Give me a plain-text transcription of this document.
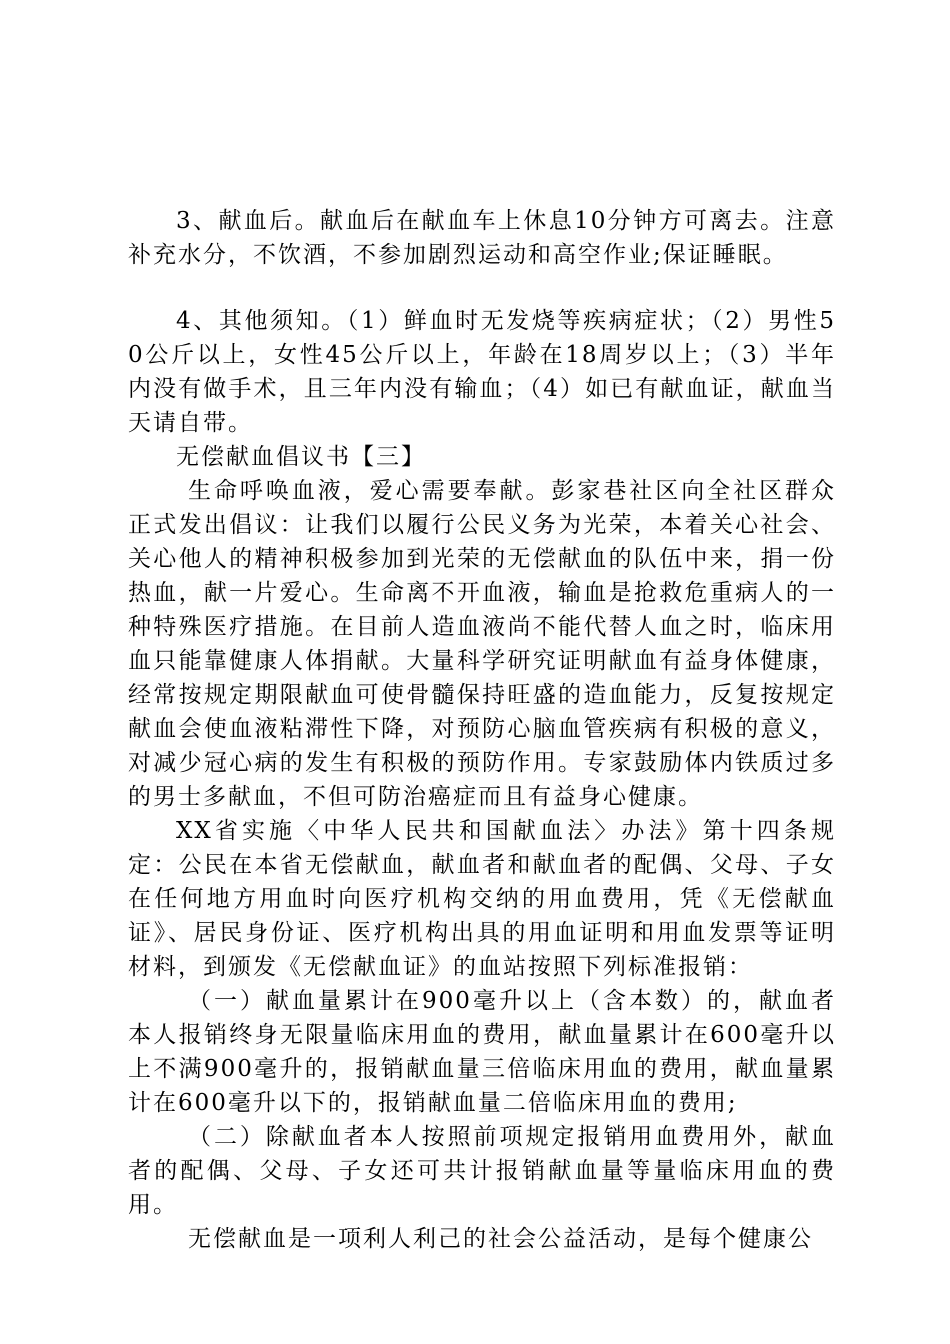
3、献血后。献血后在献血车上休息10分钟方可离去。注意补充水分，不饮酒，不参加剧烈运动和高空作业;保证睡眠。

4、其他须知。（1）鲜血时无发烧等疾病症状；（2）男性50公斤以上，女性45公斤以上，年龄在18周岁以上；（3）半年内没有做手术，且三年内没有输血；（4）如已有献血证，献血当天请自带。

无偿献血倡议书【三】

生命呼唤血液，爱心需要奉献。彭家巷社区向全社区群众正式发出倡议：让我们以履行公民义务为光荣，本着关心社会、关心他人的精神积极参加到光荣的无偿献血的队伍中来，捐一份热血，献一片爱心。生命离不开血液，输血是抢救危重病人的一种特殊医疗措施。在目前人造血液尚不能代替人血之时，临床用血只能靠健康人体捐献。大量科学研究证明献血有益身体健康，经常按规定期限献血可使骨髓保持旺盛的造血能力，反复按规定献血会使血液粘滞性下降，对预防心脑血管疾病有积极的意义，对减少冠心病的发生有积极的预防作用。专家鼓励体内铁质过多的男士多献血，不但可防治癌症而且有益身心健康。

XX省实施〈中华人民共和国献血法〉办法》第十四条规定：公民在本省无偿献血，献血者和献血者的配偶、父母、子女在任何地方用血时向医疗机构交纳的用血费用，凭《无偿献血证》、居民身份证、医疗机构出具的用血证明和用血发票等证明材料，到颁发《无偿献血证》的血站按照下列标准报销：

（一）献血量累计在900毫升以上（含本数）的，献血者本人报销终身无限量临床用血的费用，献血量累计在600毫升以上不满900毫升的，报销献血量三倍临床用血的费用，献血量累计在600毫升以下的，报销献血量二倍临床用血的费用;

（二）除献血者本人按照前项规定报销用血费用外，献血者的配偶、父母、子女还可共计报销献血量等量临床用血的费用。

无偿献血是一项利人利己的社会公益活动，是每个健康公
